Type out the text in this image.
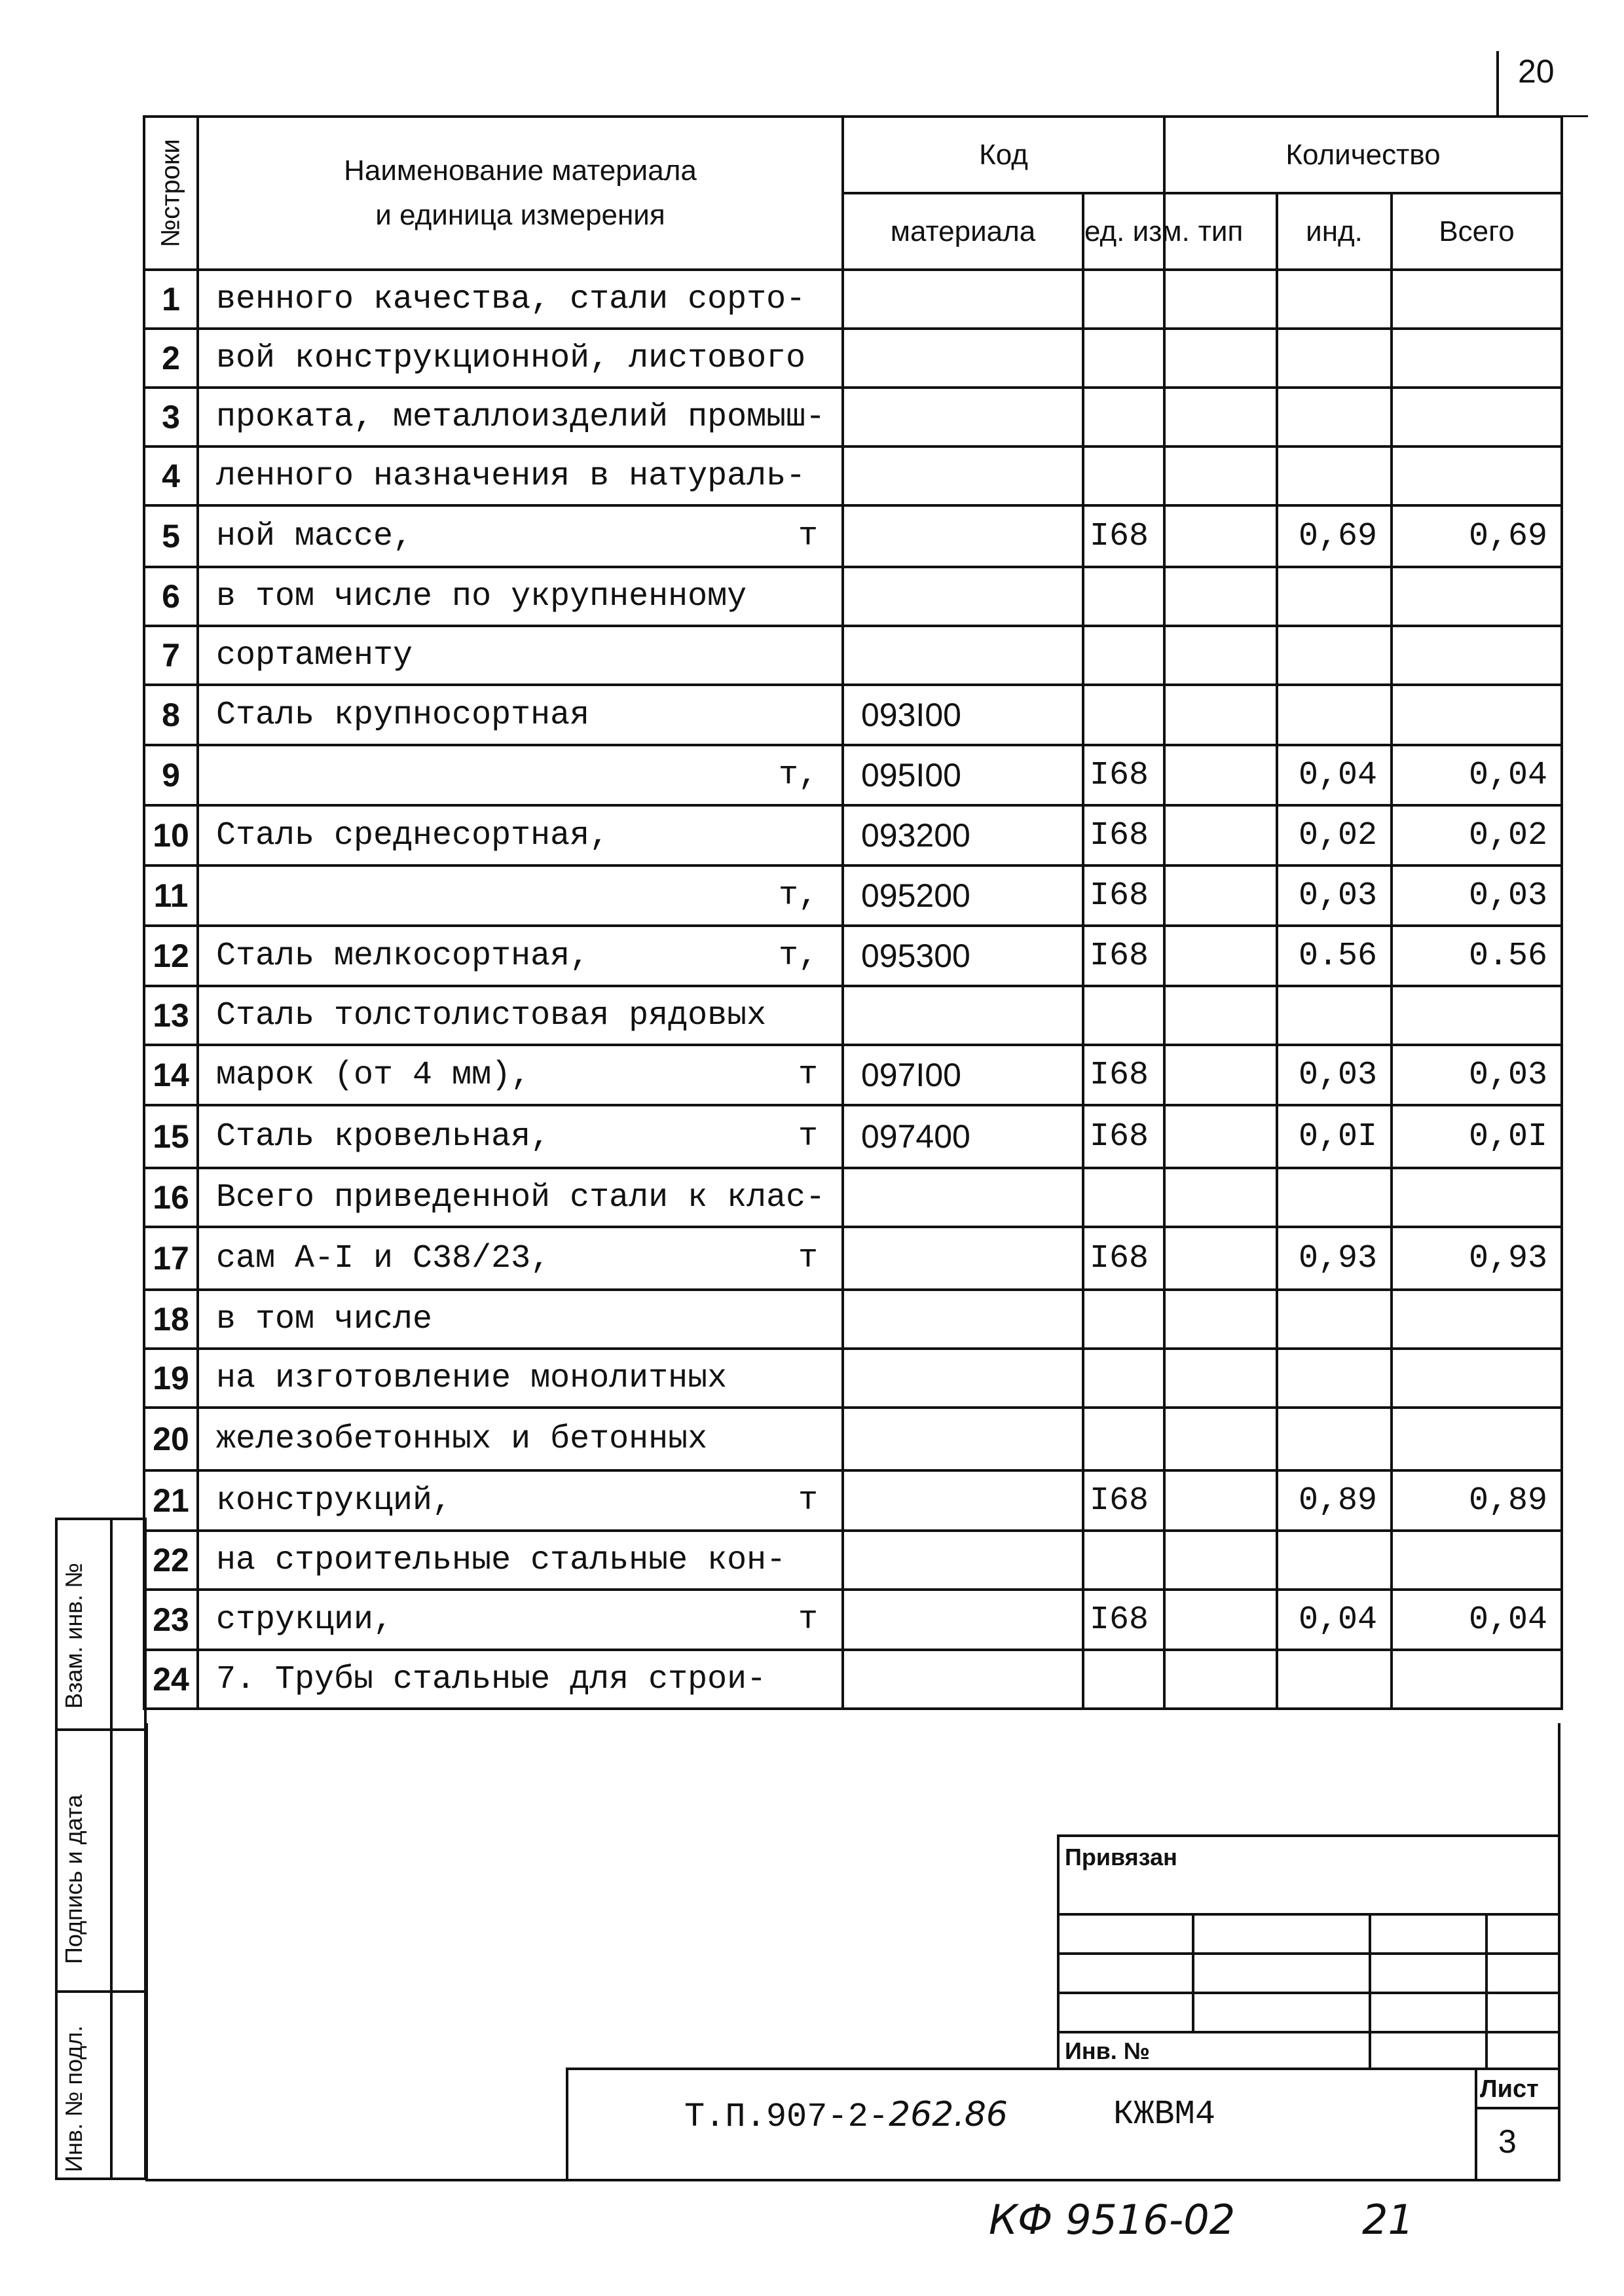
20
№строки	Наименование материала
и единица измерения	Код		Количество		
		материала	ед. изм.	тип	инд.	Всего
1	венного качества, стали сорто-

2	вой конструкционной, листового

3	проката, металлоизделий промыш-

4	ленного назначения в натураль-

5	ной массе, т		I68		0,69	0,69
6	в том числе по укрупненному

7	сортаменту

8	Сталь крупносортная	093I00				
9	т,	095I00	I68		0,04	0,04
10	Сталь среднесортная,	093200	I68		0,02	0,02
11	т,	095200	I68		0,03	0,03
12	Сталь мелкосортная, т,	095300	I68		0.56	0.56
13	Сталь толстолистовая рядовых

14	марок (от 4 мм), т	097I00	I68		0,03	0,03
15	Сталь кровельная, т	097400	I68		0,0I	0,0I
16	Всего приведенной стали к клас-

17	сам А-I и С38/23, т		I68		0,93	0,93
18	в том числе

19	на изготовление монолитных

20	железобетонных и бетонных

21	конструкций, т		I68		0,89	0,89
22	на строительные стальные кон-

23	струкции, т		I68		0,04	0,04
24	7. Трубы стальные для строи-

Взам. инв. №
Подпись и дата
Инв. № подл.
Привязан
Инв. №
Т.П.907-2-262.86	КЖВМ4
Лист
3
КФ 9516-02	21
